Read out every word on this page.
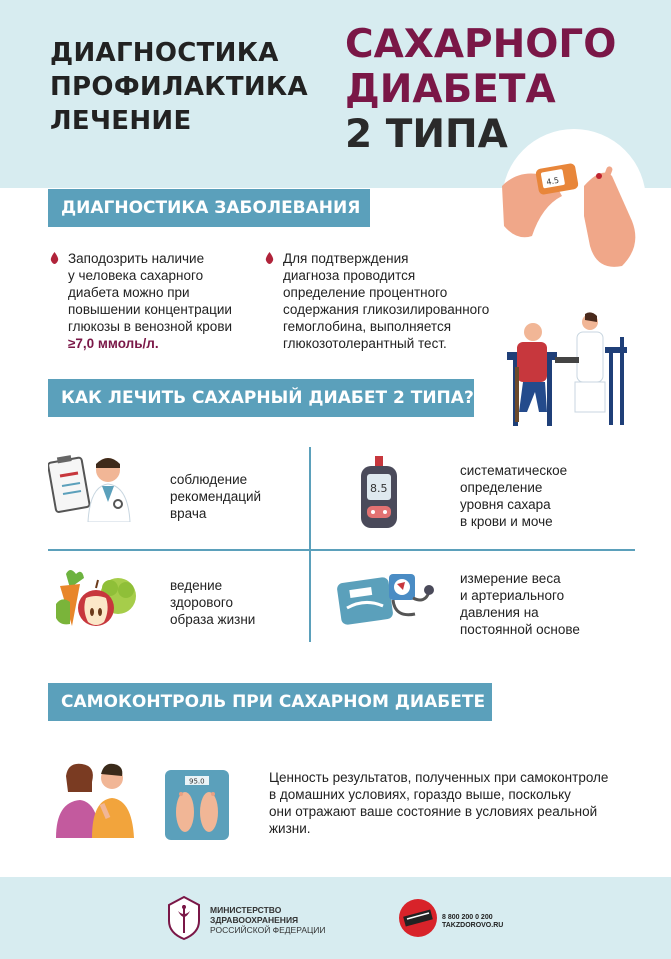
ДИАГНОСТИКА
ПРОФИЛАКТИКА
ЛЕЧЕНИЕ
САХАРНОГО
ДИАБЕТА
2 ТИПА
4.5
ДИАГНОСТИКА ЗАБОЛЕВАНИЯ
Заподозрить наличие
у человека сахарного
диабета можно при
повышении концентрации
глюкозы в венозной крови
≥7,0 ммоль/л.
Для подтверждения
диагноза проводится
определение процентного
содержания гликозилированного
гемоглобина, выполняется
глюкозотолерантный тест.
КАК ЛЕЧИТЬ САХАРНЫЙ ДИАБЕТ 2 ТИПА?
соблюдение
рекомендаций
врача
8.5
систематическое
определение
уровня сахара
в крови и моче
ведение
здорового
образа жизни
измерение веса
и артериального
давления на
постоянной основе
САМОКОНТРОЛЬ ПРИ САХАРНОМ ДИАБЕТЕ
95.0	Ценность результатов, полученных при самоконтроле
в домашних условиях, гораздо выше, поскольку
они отражают ваше состояние в условиях реальной
жизни.
МИНИСТЕРСТВО
ЗДРАВООХРАНЕНИЯ
РОССИЙСКОЙ ФЕДЕРАЦИИ
8 800 200 0 200
TAKZDOROVO.RU
